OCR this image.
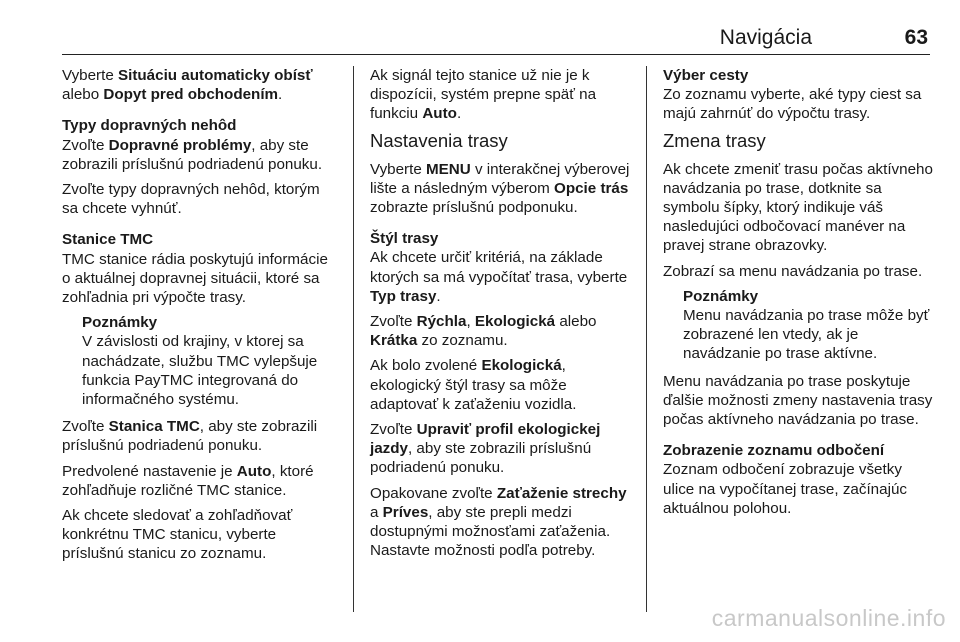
Navigácia	63

Vyberte Situáciu automaticky obísť alebo Dopyt pred obchodením.

Typy dopravných nehôd

Zvoľte Dopravné problémy, aby ste zobrazili príslušnú podriadenú ponuku.

Zvoľte typy dopravných nehôd, ktorým sa chcete vyhnúť.

Stanice TMC

TMC stanice rádia poskytujú informácie o aktuálnej dopravnej situácii, ktoré sa zohľadnia pri výpočte trasy.

Poznámky
V závislosti od krajiny, v ktorej sa nachádzate, službu TMC vylepšuje funkcia PayTMC integrovaná do informačného systému.

Zvoľte Stanica TMC, aby ste zobrazili príslušnú podriadenú ponuku.

Predvolené nastavenie je Auto, ktoré zohľadňuje rozličné TMC stanice.

Ak chcete sledovať a zohľadňovať konkrétnu TMC stanicu, vyberte príslušnú stanicu zo zoznamu.

Ak signál tejto stanice už nie je k dispozícii, systém prepne späť na funkciu Auto.

Nastavenia trasy

Vyberte MENU v interakčnej výberovej lište a následným výberom Opcie trás zobrazte príslušnú podponuku.

Štýl trasy

Ak chcete určiť kritériá, na základe ktorých sa má vypočítať trasa, vyberte Typ trasy.

Zvoľte Rýchla, Ekologická alebo Krátka zo zoznamu.

Ak bolo zvolené Ekologická, ekologický štýl trasy sa môže adaptovať k zaťaženiu vozidla.

Zvoľte Upraviť profil ekologickej jazdy, aby ste zobrazili príslušnú podriadenú ponuku.

Opakovane zvoľte Zaťaženie strechy a Príves, aby ste prepli medzi dostupnými možnosťami zaťaženia. Nastavte možnosti podľa potreby.

Výber cesty

Zo zoznamu vyberte, aké typy ciest sa majú zahrnúť do výpočtu trasy.

Zmena trasy

Ak chcete zmeniť trasu počas aktívneho navádzania po trase, dotknite sa symbolu šípky, ktorý indikuje váš nasledujúci odbočovací manéver na pravej strane obrazovky.

Zobrazí sa menu navádzania po trase.

Poznámky
Menu navádzania po trase môže byť zobrazené len vtedy, ak je navádzanie po trase aktívne.

Menu navádzania po trase poskytuje ďalšie možnosti zmeny nastavenia trasy počas aktívneho navádzania po trase.

Zobrazenie zoznamu odbočení

Zoznam odbočení zobrazuje všetky ulice na vypočítanej trase, začínajúc aktuálnou polohou.

carmanualsonline.info
